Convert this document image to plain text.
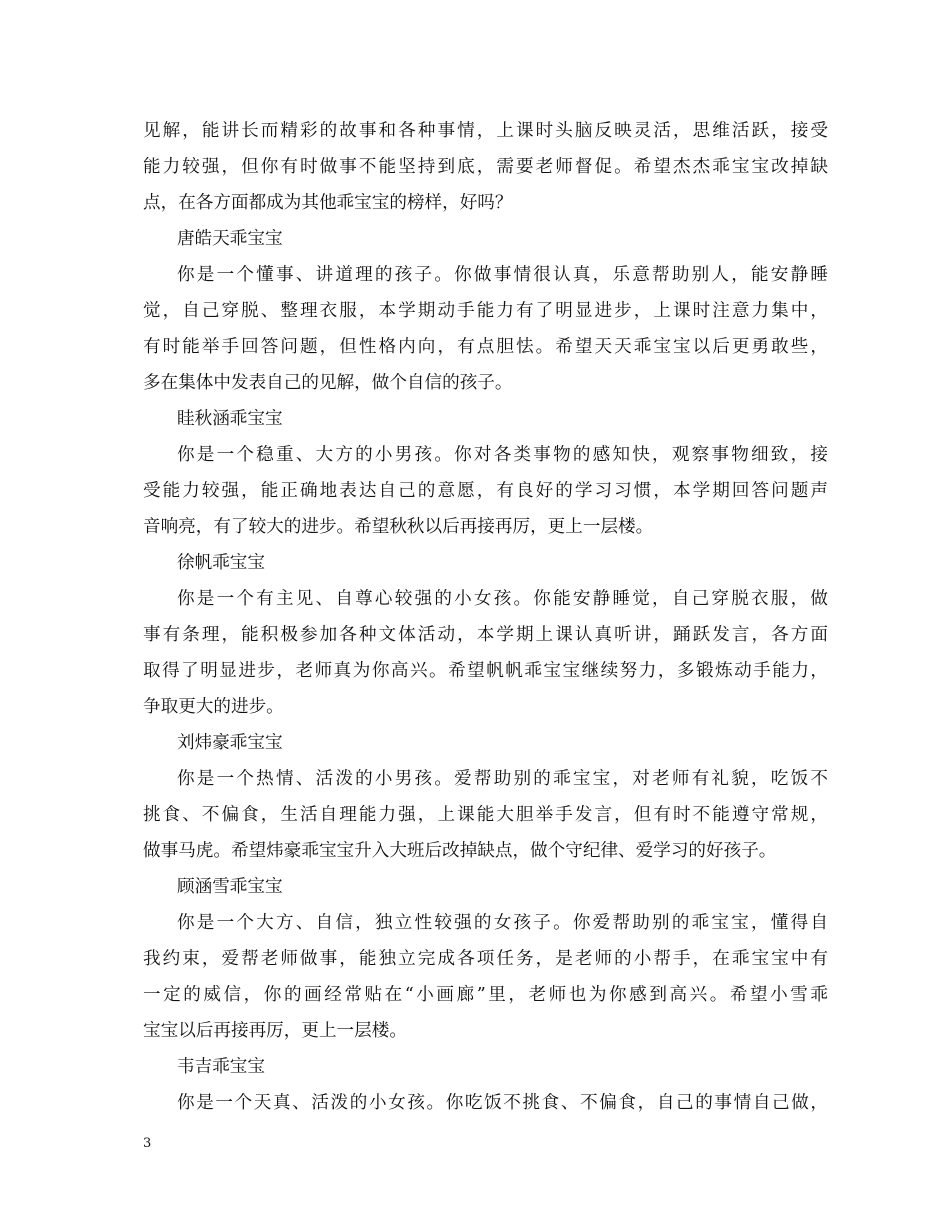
见解，能讲长而精彩的故事和各种事情，上课时头脑反映灵活，思维活跃，接受
能力较强，但你有时做事不能坚持到底，需要老师督促。希望杰杰乖宝宝改掉缺
点，在各方面都成为其他乖宝宝的榜样，好吗？
唐皓天乖宝宝
你是一个懂事、讲道理的孩子。你做事情很认真，乐意帮助别人，能安静睡
觉，自己穿脱、整理衣服，本学期动手能力有了明显进步，上课时注意力集中，
有时能举手回答问题，但性格内向，有点胆怯。希望天天乖宝宝以后更勇敢些，
多在集体中发表自己的见解，做个自信的孩子。
眭秋涵乖宝宝
你是一个稳重、大方的小男孩。你对各类事物的感知快，观察事物细致，接
受能力较强，能正确地表达自己的意愿，有良好的学习习惯，本学期回答问题声
音响亮，有了较大的进步。希望秋秋以后再接再厉，更上一层楼。
徐帆乖宝宝
你是一个有主见、自尊心较强的小女孩。你能安静睡觉，自己穿脱衣服，做
事有条理，能积极参加各种文体活动，本学期上课认真听讲，踊跃发言，各方面
取得了明显进步，老师真为你高兴。希望帆帆乖宝宝继续努力，多锻炼动手能力，
争取更大的进步。
刘炜豪乖宝宝
你是一个热情、活泼的小男孩。爱帮助别的乖宝宝，对老师有礼貌，吃饭不
挑食、不偏食，生活自理能力强，上课能大胆举手发言，但有时不能遵守常规，
做事马虎。希望炜豪乖宝宝升入大班后改掉缺点，做个守纪律、爱学习的好孩子。
顾涵雪乖宝宝
你是一个大方、自信，独立性较强的女孩子。你爱帮助别的乖宝宝，懂得自
我约束，爱帮老师做事，能独立完成各项任务，是老师的小帮手，在乖宝宝中有
一定的威信，你的画经常贴在“小画廊”里，老师也为你感到高兴。希望小雪乖
宝宝以后再接再厉，更上一层楼。
韦吉乖宝宝
你是一个天真、活泼的小女孩。你吃饭不挑食、不偏食，自己的事情自己做，
3
